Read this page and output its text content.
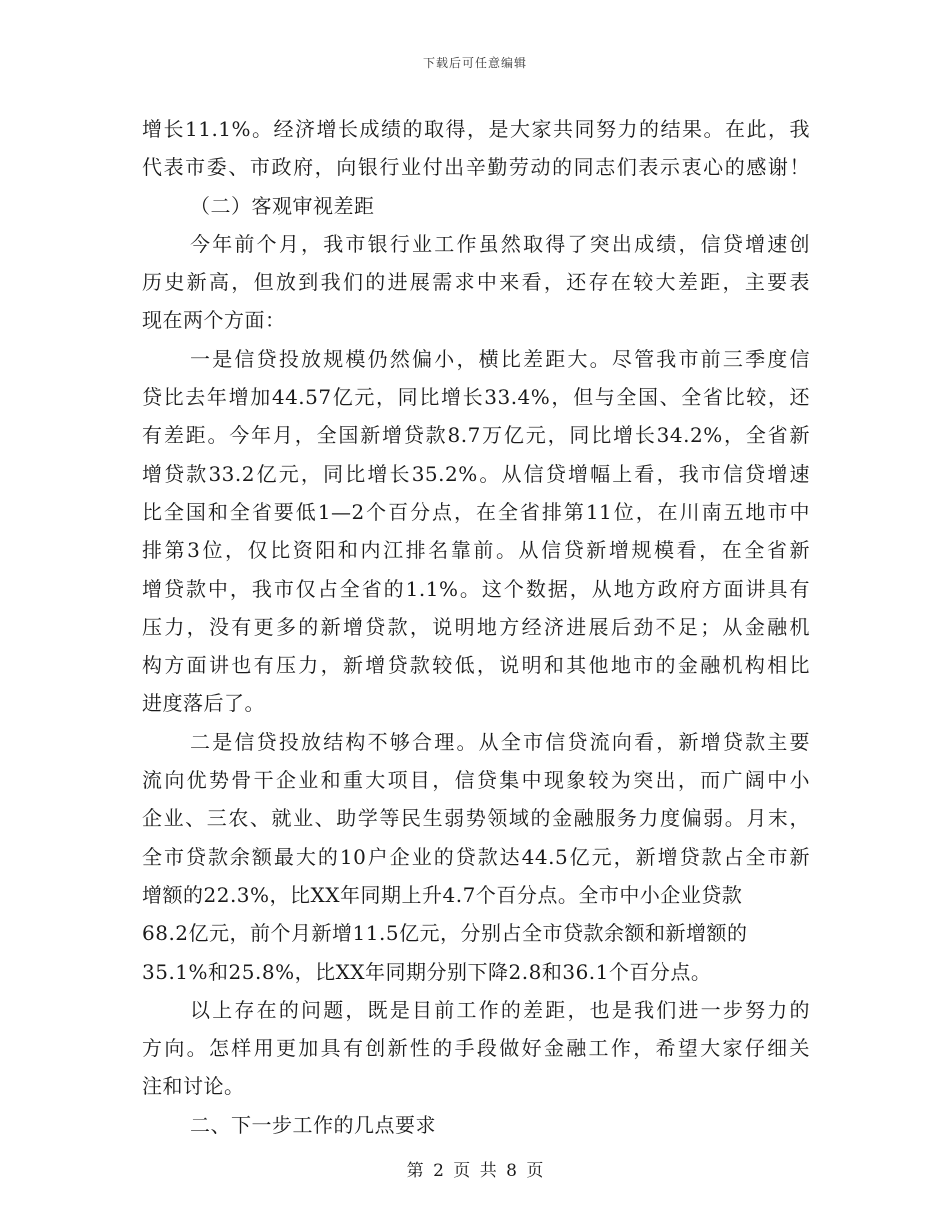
下载后可任意编辑
增长11.1%。经济增长成绩的取得，是大家共同努力的结果。在此，我
代表市委、市政府，向银行业付出辛勤劳动的同志们表示衷心的感谢！
（二）客观审视差距
今年前个月，我市银行业工作虽然取得了突出成绩，信贷增速创
历史新高，但放到我们的进展需求中来看，还存在较大差距，主要表
现在两个方面：
一是信贷投放规模仍然偏小，横比差距大。尽管我市前三季度信
贷比去年增加44.57亿元，同比增长33.4%，但与全国、全省比较，还
有差距。今年月，全国新增贷款8.7万亿元，同比增长34.2%，全省新
增贷款33.2亿元，同比增长35.2%。从信贷增幅上看，我市信贷增速
比全国和全省要低1—2个百分点，在全省排第11位，在川南五地市中
排第3位，仅比资阳和内江排名靠前。从信贷新增规模看，在全省新
增贷款中，我市仅占全省的1.1%。这个数据，从地方政府方面讲具有
压力，没有更多的新增贷款，说明地方经济进展后劲不足；从金融机
构方面讲也有压力，新增贷款较低，说明和其他地市的金融机构相比
进度落后了。
二是信贷投放结构不够合理。从全市信贷流向看，新增贷款主要
流向优势骨干企业和重大项目，信贷集中现象较为突出，而广阔中小
企业、三农、就业、助学等民生弱势领域的金融服务力度偏弱。月末，
全市贷款余额最大的10户企业的贷款达44.5亿元，新增贷款占全市新
增额的22.3%，比XX年同期上升4.7个百分点。全市中小企业贷款
68.2亿元，前个月新增11.5亿元，分别占全市贷款余额和新增额的
35.1%和25.8%，比XX年同期分别下降2.8和36.1个百分点。
以上存在的问题，既是目前工作的差距，也是我们进一步努力的
方向。怎样用更加具有创新性的手段做好金融工作，希望大家仔细关
注和讨论。
二、下一步工作的几点要求
第 2 页 共 8 页
